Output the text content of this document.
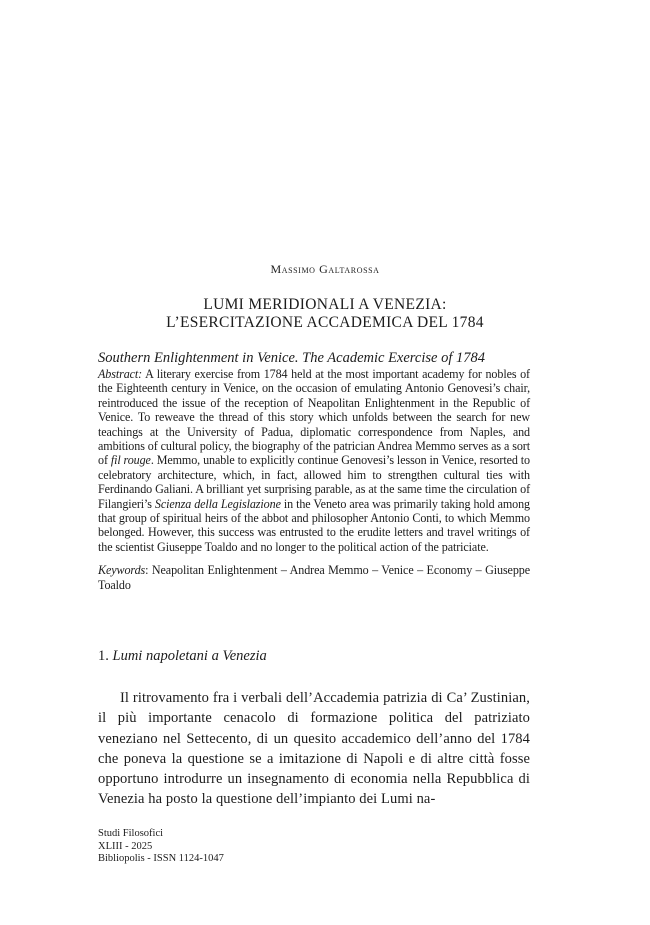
Massimo Galtarossa
LUMI MERIDIONALI A VENEZIA:
L’ESERCITAZIONE ACCADEMICA DEL 1784
Southern Enlightenment in Venice. The Academic Exercise of 1784

Abstract: A literary exercise from 1784 held at the most important academy for nobles of the Eighteenth century in Venice, on the occasion of emulating Antonio Genovesi’s chair, reintroduced the issue of the reception of Neapolitan Enlightenment in the Republic of Venice. To reweave the thread of this story which unfolds between the search for new teachings at the University of Padua, diplomatic correspondence from Naples, and ambitions of cultural policy, the biography of the patrician Andrea Memmo serves as a sort of fil rouge. Memmo, unable to explicitly continue Genovesi’s lesson in Venice, resorted to celebratory architecture, which, in fact, allowed him to strengthen cultural ties with Ferdinando Galiani. A brilliant yet surprising parable, as at the same time the circulation of Filangieri’s Scienza della Legislazione in the Veneto area was primarily taking hold among that group of spiritual heirs of the abbot and philosopher Antonio Conti, to which Memmo belonged. However, this success was entrusted to the erudite letters and travel writings of the scientist Giuseppe Toaldo and no longer to the political action of the patriciate.

Keywords: Neapolitan Enlightenment – Andrea Memmo – Venice – Economy – Giuseppe Toaldo

1. Lumi napoletani a Venezia

Il ritrovamento fra i verbali dell’Accademia patrizia di Ca’ Zustinian, il più importante cenacolo di formazione politica del patriziato veneziano nel Settecento, di un quesito accademico dell’anno del 1784 che poneva la questione se a imitazione di Napoli e di altre città fosse opportuno introdurre un insegnamento di economia nella Repubblica di Venezia ha posto la questione dell’impianto dei Lumi na-

Studi Filosofici
XLIII - 2025
Bibliopolis - ISSN 1124-1047
